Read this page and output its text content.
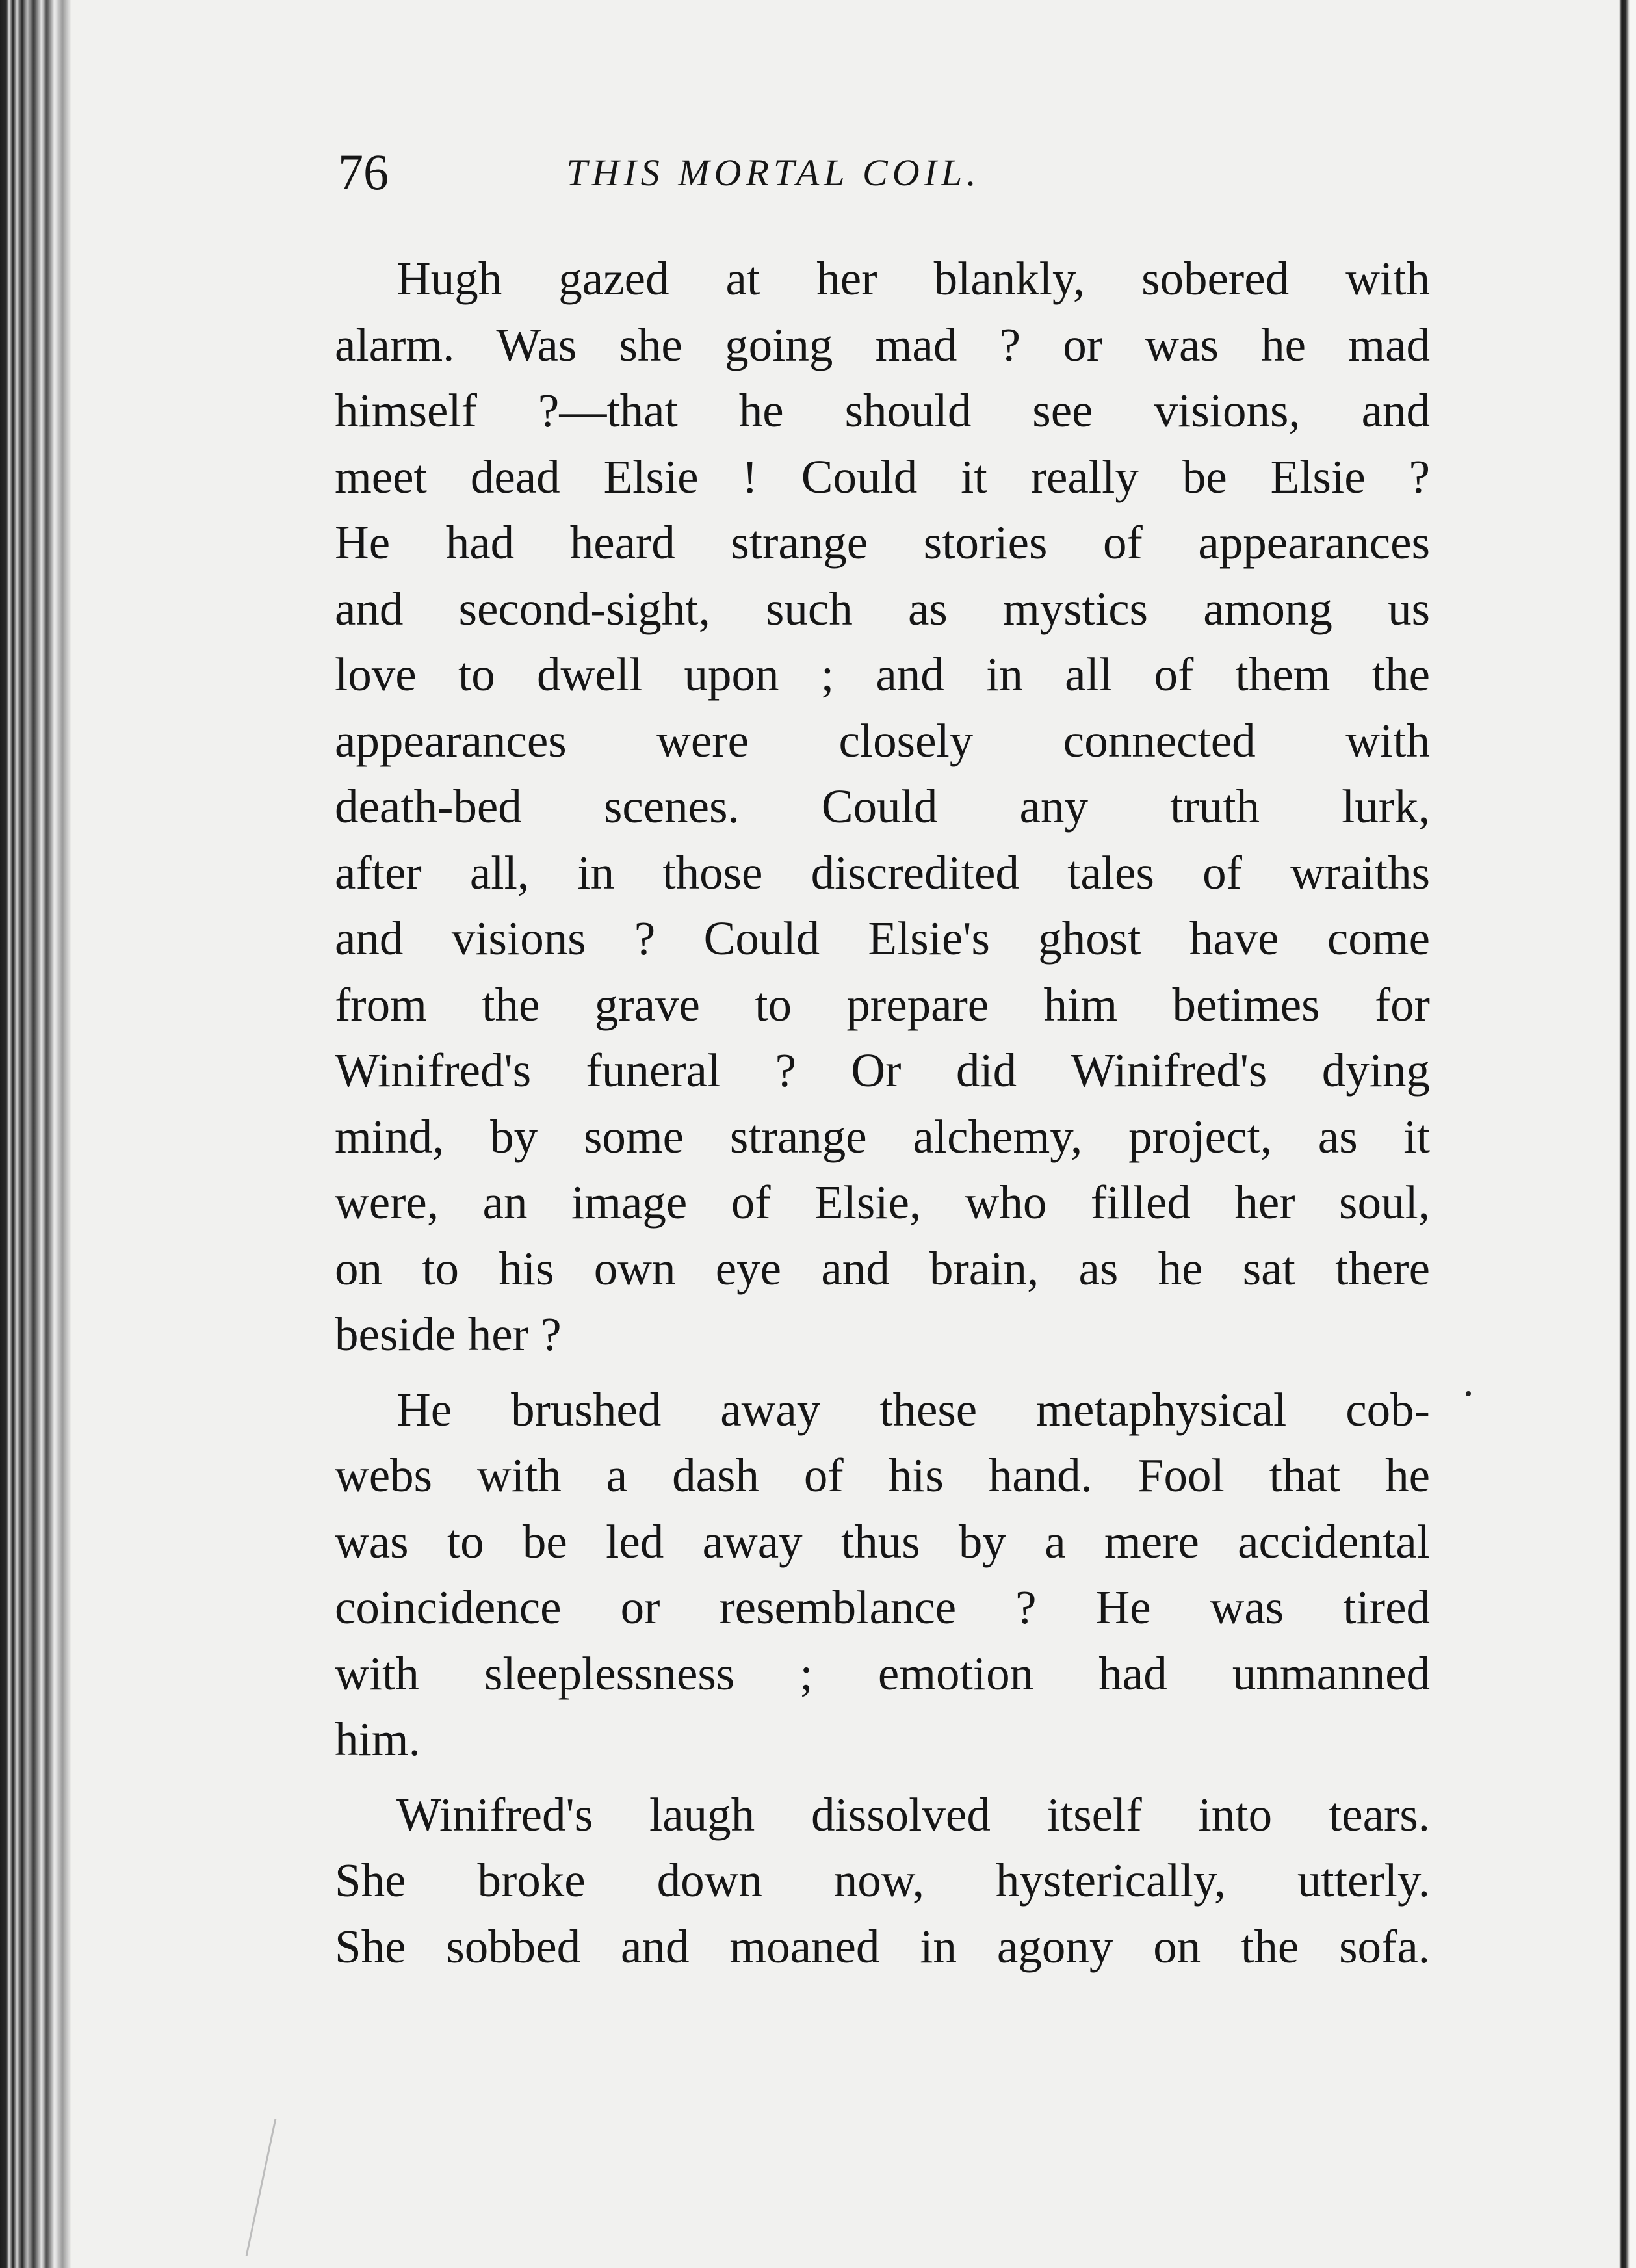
76	THIS MORTAL COIL.

Hugh gazed at her blankly, sobered with
alarm. Was she going mad ? or was he mad
himself ?—that he should see visions, and
meet dead Elsie ! Could it really be Elsie ?
He had heard strange stories of appearances
and second-sight, such as mystics among us
love to dwell upon ; and in all of them the
appearances were closely connected with
death-bed scenes. Could any truth lurk,
after all, in those discredited tales of wraiths
and visions ? Could Elsie's ghost have come
from the grave to prepare him betimes for
Winifred's funeral ? Or did Winifred's dying
mind, by some strange alchemy, project, as it
were, an image of Elsie, who filled her soul,
on to his own eye and brain, as he sat there
beside her ?

He brushed away these metaphysical cob-
webs with a dash of his hand. Fool that he
was to be led away thus by a mere accidental
coincidence or resemblance ? He was tired
with sleeplessness ; emotion had unmanned
him.

Winifred's laugh dissolved itself into tears.
She broke down now, hysterically, utterly.
She sobbed and moaned in agony on the sofa.
